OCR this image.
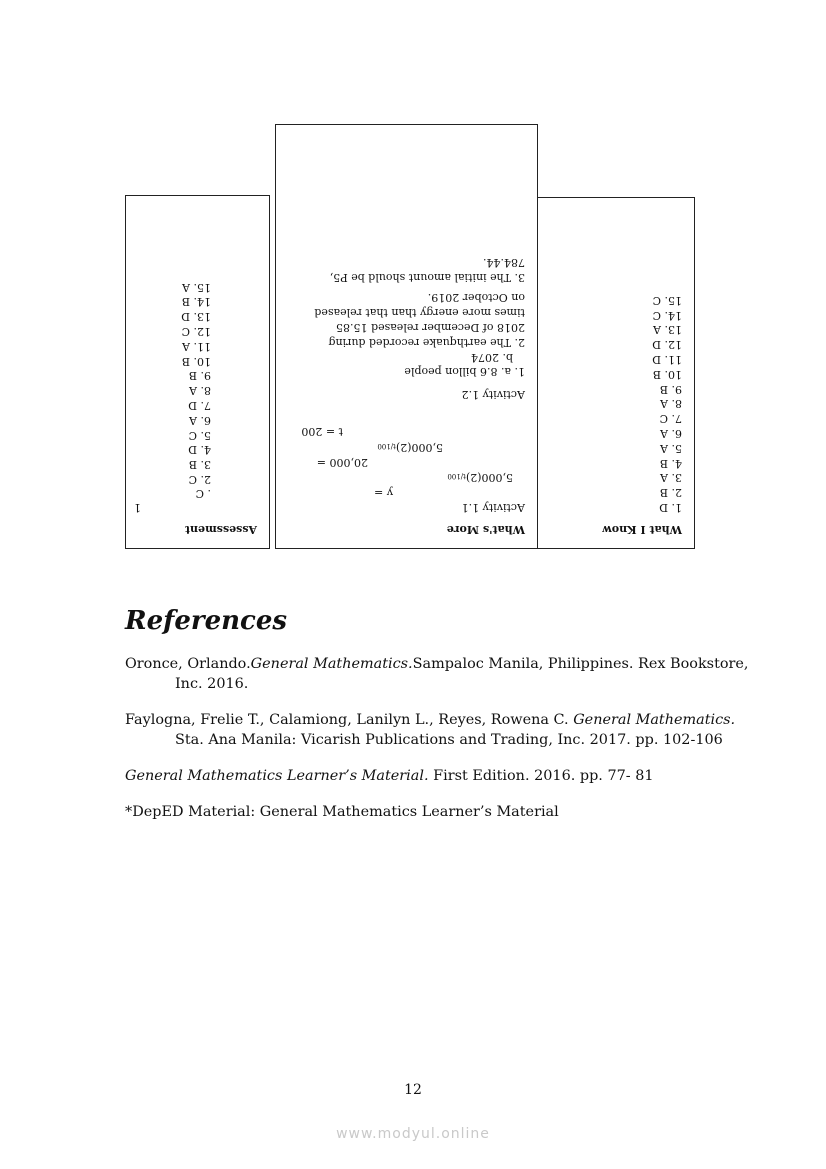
What I Know
1. D
2. B
3. A
4. B
5. A
6. A
7. C
8. A
9. B
10. B
11. D
12. D
13. A
14. C
15. C
What's More
Activity 1.1
y =
5,000(2)t/100
20,000 =
5,000(2)t/100
t = 200
Activity 1.2
1. a. 8.6 billon people
b. 2074
2. The earthquake recorded during
2018 of December released 15.85
times more energy than that released
on October 2019.
3. The initial amount should be P5,
784.44.
Assessment
1
. C
2. C
3. B
4. D
5. C
6. A
7. D
8. A
9. B
10. B
11. A
12. C
13. D
14. B
15. A
References

Oronce, Orlando.General Mathematics.Sampaloc Manila, Philippines. Rex Bookstore, Inc. 2016.

Faylogna, Frelie T., Calamiong, Lanilyn L., Reyes, Rowena C. General Mathematics. Sta. Ana Manila: Vicarish Publications and Trading, Inc. 2017. pp. 102-106

General Mathematics Learner’s Material. First Edition. 2016. pp. 77- 81

*DepED Material: General Mathematics Learner’s Material

12
www.modyul.online
